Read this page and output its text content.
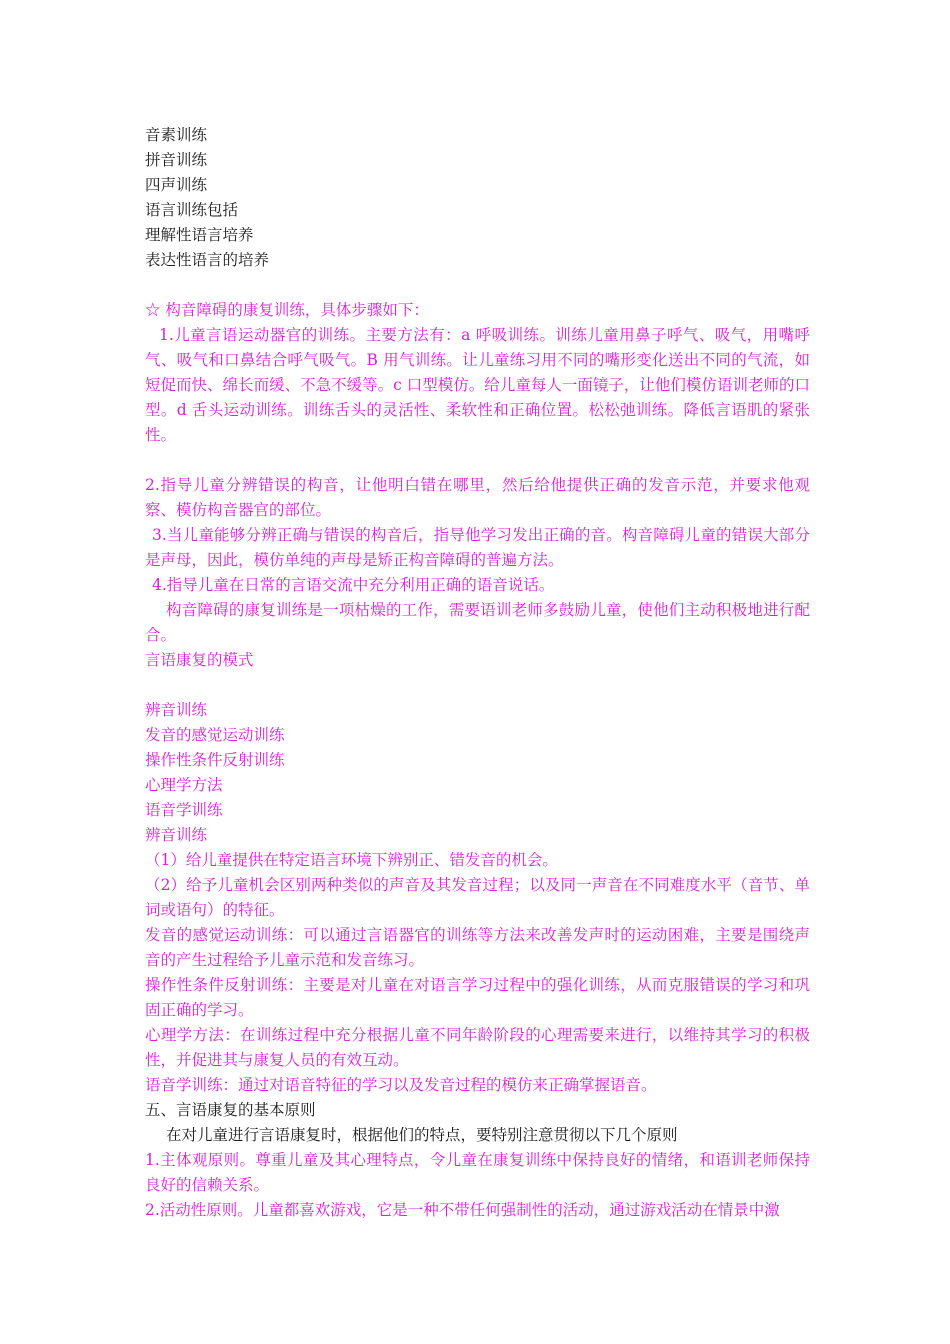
音素训练
拼音训练
四声训练
语言训练包括
理解性语言培养
表达性语言的培养
☆ 构音障碍的康复训练，具体步骤如下：
1.儿童言语运动器官的训练。主要方法有：a 呼吸训练。训练儿童用鼻子呼气、吸气，用嘴呼气、吸气和口鼻结合呼气吸气。B 用气训练。让儿童练习用不同的嘴形变化送出不同的气流，如短促而快、绵长而缓、不急不缓等。c 口型模仿。给儿童每人一面镜子，让他们模仿语训老师的口型。d 舌头运动训练。训练舌头的灵活性、柔软性和正确位置。松松弛训练。降低言语肌的紧张性。
2.指导儿童分辨错误的构音，让他明白错在哪里，然后给他提供正确的发音示范，并要求他观察、模仿构音器官的部位。
3.当儿童能够分辨正确与错误的构音后，指导他学习发出正确的音。构音障碍儿童的错误大部分是声母，因此，模仿单纯的声母是矫正构音障碍的普遍方法。
4.指导儿童在日常的言语交流中充分利用正确的语音说话。
构音障碍的康复训练是一项枯燥的工作，需要语训老师多鼓励儿童，使他们主动积极地进行配合。
言语康复的模式
辨音训练
发音的感觉运动训练
操作性条件反射训练
心理学方法
语音学训练
辨音训练
（1）给儿童提供在特定语言环境下辨别正、错发音的机会。
（2）给予儿童机会区别两种类似的声音及其发音过程；以及同一声音在不同难度水平（音节、单词或语句）的特征。
发音的感觉运动训练：可以通过言语器官的训练等方法来改善发声时的运动困难，主要是围绕声音的产生过程给予儿童示范和发音练习。
操作性条件反射训练：主要是对儿童在对语言学习过程中的强化训练，从而克服错误的学习和巩固正确的学习。
心理学方法：在训练过程中充分根据儿童不同年龄阶段的心理需要来进行，以维持其学习的积极性，并促进其与康复人员的有效互动。
语音学训练：通过对语音特征的学习以及发音过程的模仿来正确掌握语音。
五、言语康复的基本原则
在对儿童进行言语康复时，根据他们的特点，要特别注意贯彻以下几个原则
1.主体观原则。尊重儿童及其心理特点，令儿童在康复训练中保持良好的情绪，和语训老师保持良好的信赖关系。
2.活动性原则。儿童都喜欢游戏，它是一种不带任何强制性的活动，通过游戏活动在情景中激
